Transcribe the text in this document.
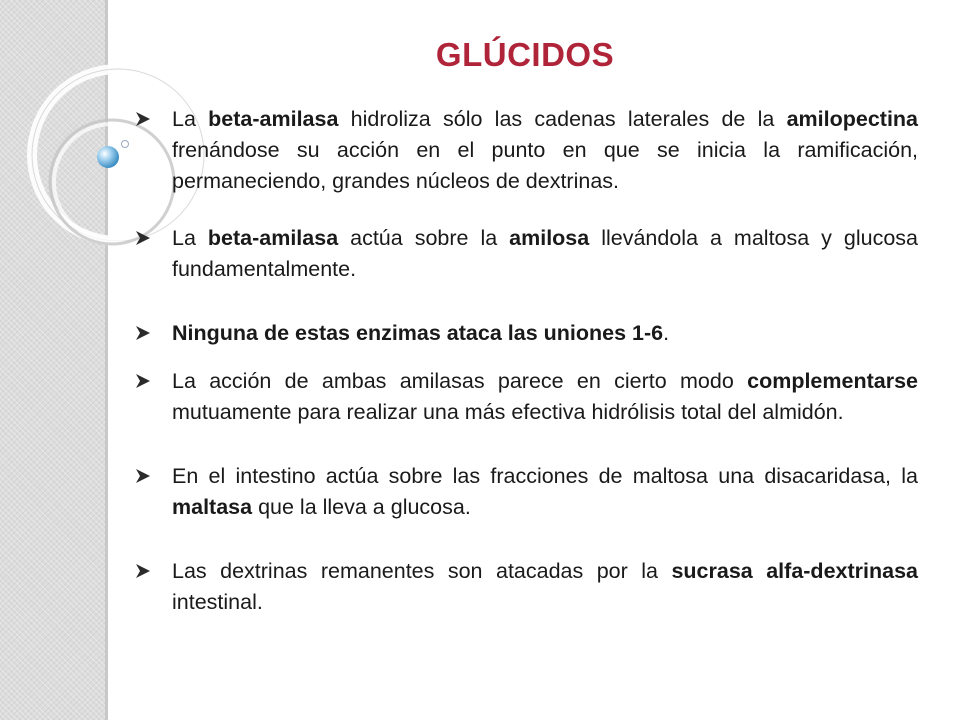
GLÚCIDOS
La beta-amilasa hidroliza sólo las cadenas laterales de la amilopectina frenándose su acción en el punto en que se inicia la ramificación, permaneciendo, grandes núcleos de dextrinas.
La beta-amilasa actúa sobre la amilosa llevándola a maltosa y glucosa fundamentalmente.
Ninguna de estas enzimas ataca las uniones 1-6.
La acción de ambas amilasas parece en cierto modo complementarse mutuamente para realizar una más efectiva hidrólisis total del almidón.
En el intestino actúa sobre las fracciones de maltosa una disacaridasa, la maltasa que la lleva a glucosa.
Las dextrinas remanentes son atacadas por la sucrasa alfa-dextrinasa intestinal.
